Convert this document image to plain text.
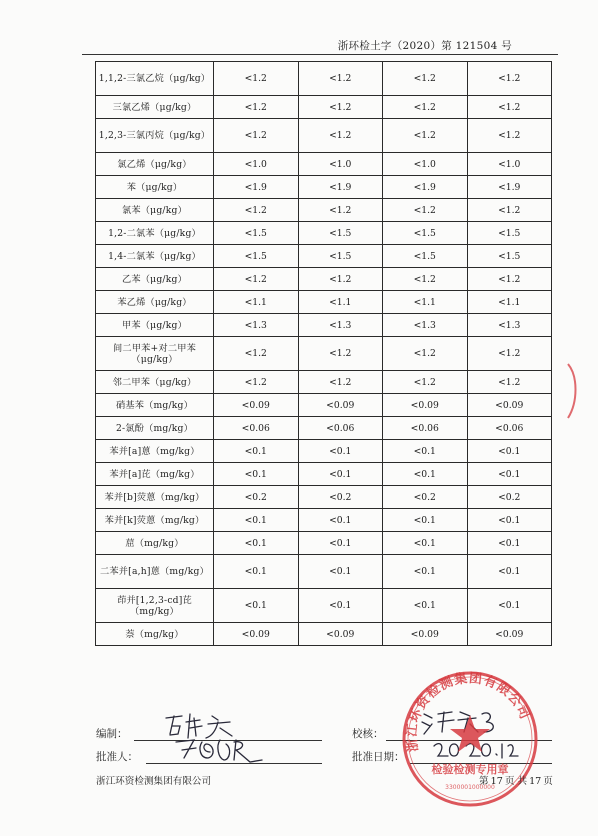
浙环检土字（2020）第 121504 号
1,1,2-三氯乙烷（μg/kg）	<1.2	<1.2	<1.2	<1.2
三氯乙烯（μg/kg）	<1.2	<1.2	<1.2	<1.2
1,2,3-三氯丙烷（μg/kg）	<1.2	<1.2	<1.2	<1.2
氯乙烯（μg/kg）	<1.0	<1.0	<1.0	<1.0
苯（μg/kg）	<1.9	<1.9	<1.9	<1.9
氯苯（μg/kg）	<1.2	<1.2	<1.2	<1.2
1,2-二氯苯（μg/kg）	<1.5	<1.5	<1.5	<1.5
1,4-二氯苯（μg/kg）	<1.5	<1.5	<1.5	<1.5
乙苯（μg/kg）	<1.2	<1.2	<1.2	<1.2
苯乙烯（μg/kg）	<1.1	<1.1	<1.1	<1.1
甲苯（μg/kg）	<1.3	<1.3	<1.3	<1.3
间二甲苯+对二甲苯（μg/kg）	<1.2	<1.2	<1.2	<1.2
邻二甲苯（μg/kg）	<1.2	<1.2	<1.2	<1.2
硝基苯（mg/kg）	<0.09	<0.09	<0.09	<0.09
2-氯酚（mg/kg）	<0.06	<0.06	<0.06	<0.06
苯并[a]蒽（mg/kg）	<0.1	<0.1	<0.1	<0.1
苯并[a]芘（mg/kg）	<0.1	<0.1	<0.1	<0.1
苯并[b]荧蒽（mg/kg）	<0.2	<0.2	<0.2	<0.2
苯并[k]荧蒽（mg/kg）	<0.1	<0.1	<0.1	<0.1
䓛（mg/kg）	<0.1	<0.1	<0.1	<0.1
二苯并[a,h]蒽（mg/kg）	<0.1	<0.1	<0.1	<0.1
茚并[1,2,3-cd]芘（mg/kg）	<0.1	<0.1	<0.1	<0.1
萘（mg/kg）	<0.09	<0.09	<0.09	<0.09
编制：	校核：
批准人：	批准日期：
浙江环资检测集团有限公司
检验检测专用章
3300001000000
浙江环资检测集团有限公司	第 17 页 共 17 页
